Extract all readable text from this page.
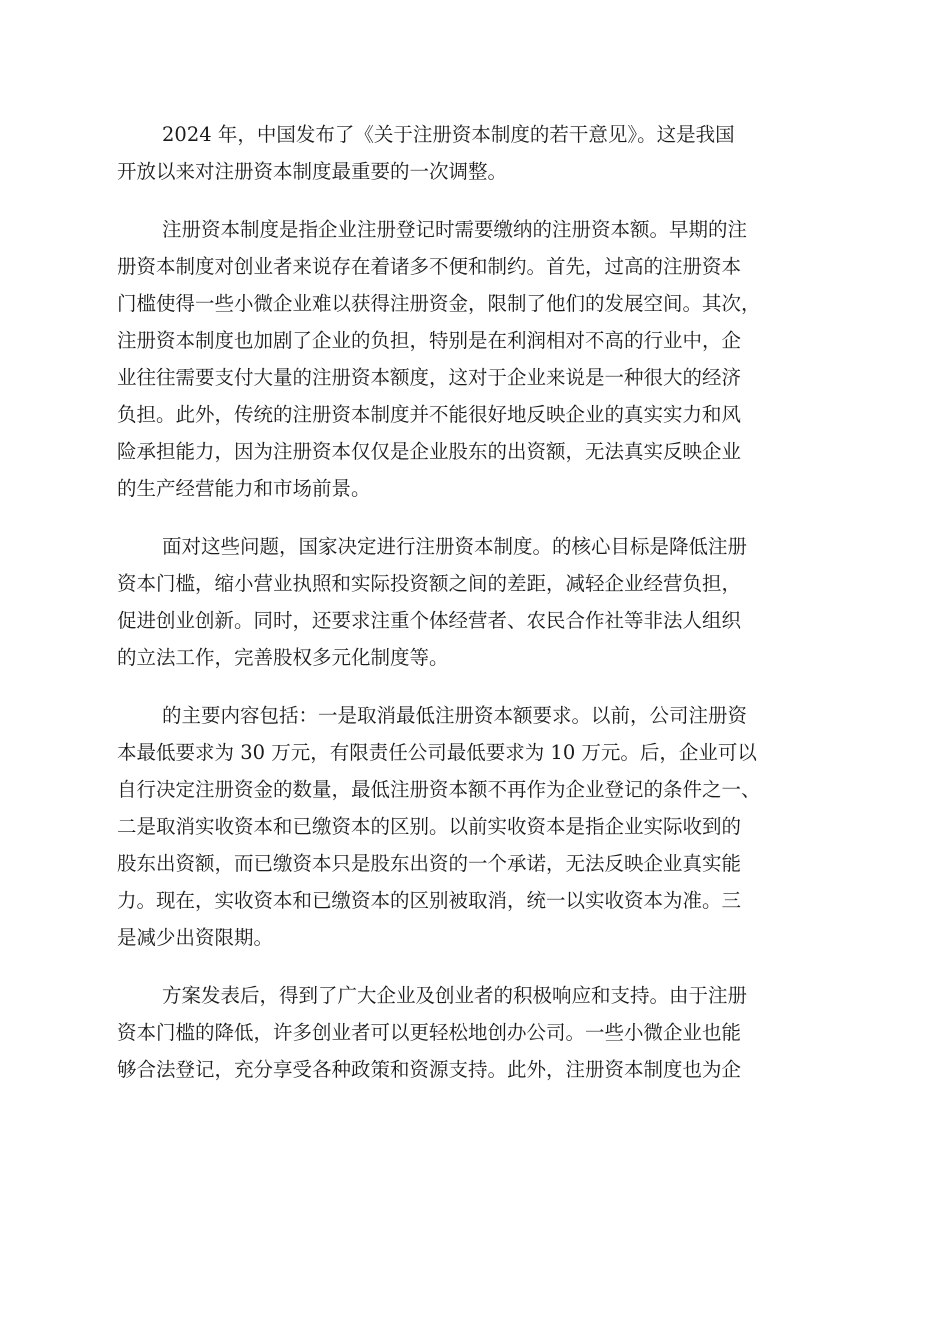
2024 年，中国发布了《关于注册资本制度的若干意见》。这是我国
开放以来对注册资本制度最重要的一次调整。
注册资本制度是指企业注册登记时需要缴纳的注册资本额。早期的注
册资本制度对创业者来说存在着诸多不便和制约。首先，过高的注册资本
门槛使得一些小微企业难以获得注册资金，限制了他们的发展空间。其次，
注册资本制度也加剧了企业的负担，特别是在利润相对不高的行业中，企
业往往需要支付大量的注册资本额度，这对于企业来说是一种很大的经济
负担。此外，传统的注册资本制度并不能很好地反映企业的真实实力和风
险承担能力，因为注册资本仅仅是企业股东的出资额，无法真实反映企业
的生产经营能力和市场前景。
面对这些问题，国家决定进行注册资本制度。的核心目标是降低注册
资本门槛，缩小营业执照和实际投资额之间的差距，减轻企业经营负担，
促进创业创新。同时，还要求注重个体经营者、农民合作社等非法人组织
的立法工作，完善股权多元化制度等。
的主要内容包括：一是取消最低注册资本额要求。以前，公司注册资
本最低要求为 30 万元，有限责任公司最低要求为 10 万元。后，企业可以
自行决定注册资金的数量，最低注册资本额不再作为企业登记的条件之一、
二是取消实收资本和已缴资本的区别。以前实收资本是指企业实际收到的
股东出资额，而已缴资本只是股东出资的一个承诺，无法反映企业真实能
力。现在，实收资本和已缴资本的区别被取消，统一以实收资本为准。三
是减少出资限期。
方案发表后，得到了广大企业及创业者的积极响应和支持。由于注册
资本门槛的降低，许多创业者可以更轻松地创办公司。一些小微企业也能
够合法登记，充分享受各种政策和资源支持。此外，注册资本制度也为企
